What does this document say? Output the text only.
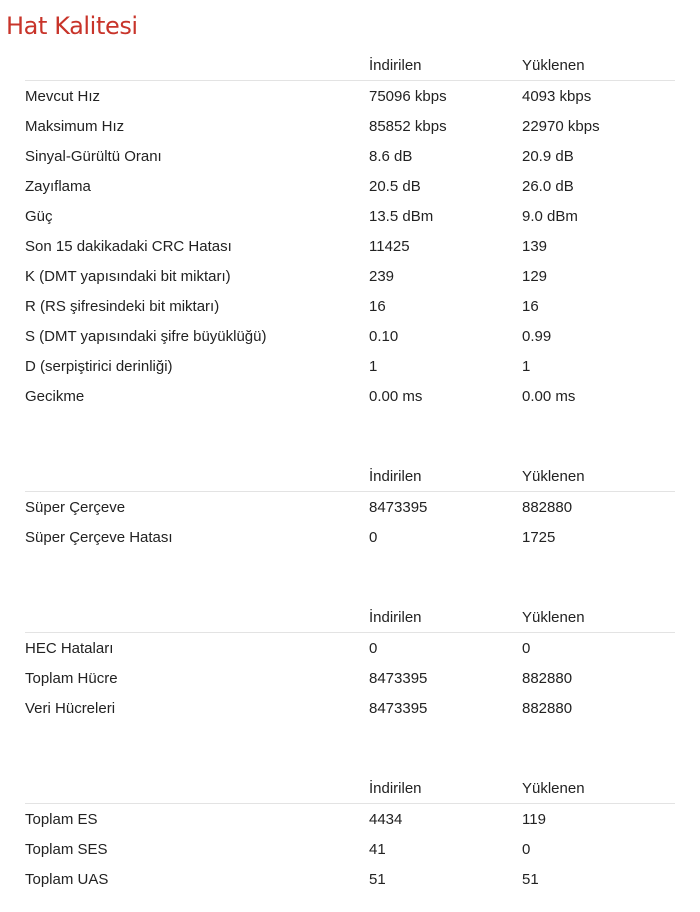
Hat Kalitesi
	İndirilen	Yüklenen
Mevcut Hız	75096 kbps	4093 kbps
Maksimum Hız	85852 kbps	22970 kbps
Sinyal-Gürültü Oranı	8.6 dB	20.9 dB
Zayıflama	20.5 dB	26.0 dB
Güç	13.5 dBm	9.0 dBm
Son 15 dakikadaki CRC Hatası	11425	139
K (DMT yapısındaki bit miktarı)	239	129
R (RS şifresindeki bit miktarı)	16	16
S (DMT yapısındaki şifre büyüklüğü)	0.10	0.99
D (serpiştirici derinliği)	1	1
Gecikme	0.00 ms	0.00 ms
	İndirilen	Yüklenen
Süper Çerçeve	8473395	882880
Süper Çerçeve Hatası	0	1725
	İndirilen	Yüklenen
HEC Hataları	0	0
Toplam Hücre	8473395	882880
Veri Hücreleri	8473395	882880
	İndirilen	Yüklenen
Toplam ES	4434	119
Toplam SES	41	0
Toplam UAS	51	51
